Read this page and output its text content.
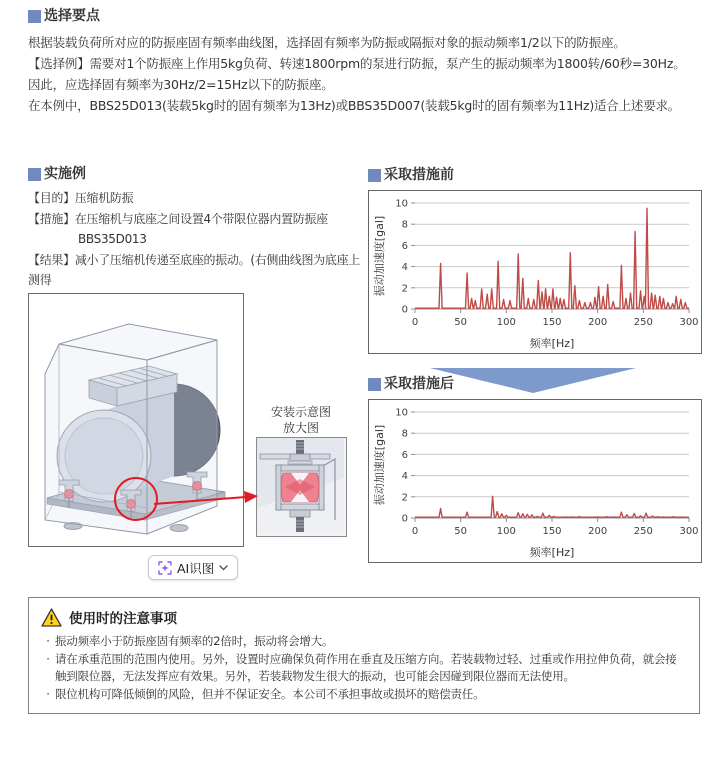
选择要点

根据装载负荷所对应的防振座固有频率曲线图，选择固有频率为防振或隔振对象的振动频率1/2以下的防振座。

【选择例】需要对1个防振座上作用5kg负荷、转速1800rpm的泵进行防振，泵产生的振动频率为1800转/60秒=30Hz。

因此，应选择固有频率为30Hz/2=15Hz以下的防振座。

在本例中，BBS25D013(装载5kg时的固有频率为13Hz)或BBS35D007(装载5kg时的固有频率为11Hz)适合上述要求。

实施例

【目的】压缩机防振

【措施】在压缩机与底座之间设置4个带限位器内置防振座

BBS35D013

【结果】减小了压缩机传递至底座的振动。(右侧曲线图为底座上测得

安装示意图
放大图
AI识图
采取措施前
0
2
4
6
8
10
0	50	100	150	200	250	300
频率[Hz]
振动加速度[gal]
采取措施后
0
2
4
6
8
10
0	50	100	150	200	250	300
频率[Hz]
振动加速度[gal]
使用时的注意事项
· 振动频率小于防振座固有频率的2倍时，振动将会增大。
· 请在承重范围的范围内使用。另外，设置时应确保负荷作用在垂直及压缩方向。若装载物过轻、过重或作用拉伸负荷，就会接触到限位器，无法发挥应有效果。另外，若装载物发生很大的振动，也可能会因碰到限位器而无法使用。
· 限位机构可降低倾倒的风险，但并不保证安全。本公司不承担事故或损坏的赔偿责任。
